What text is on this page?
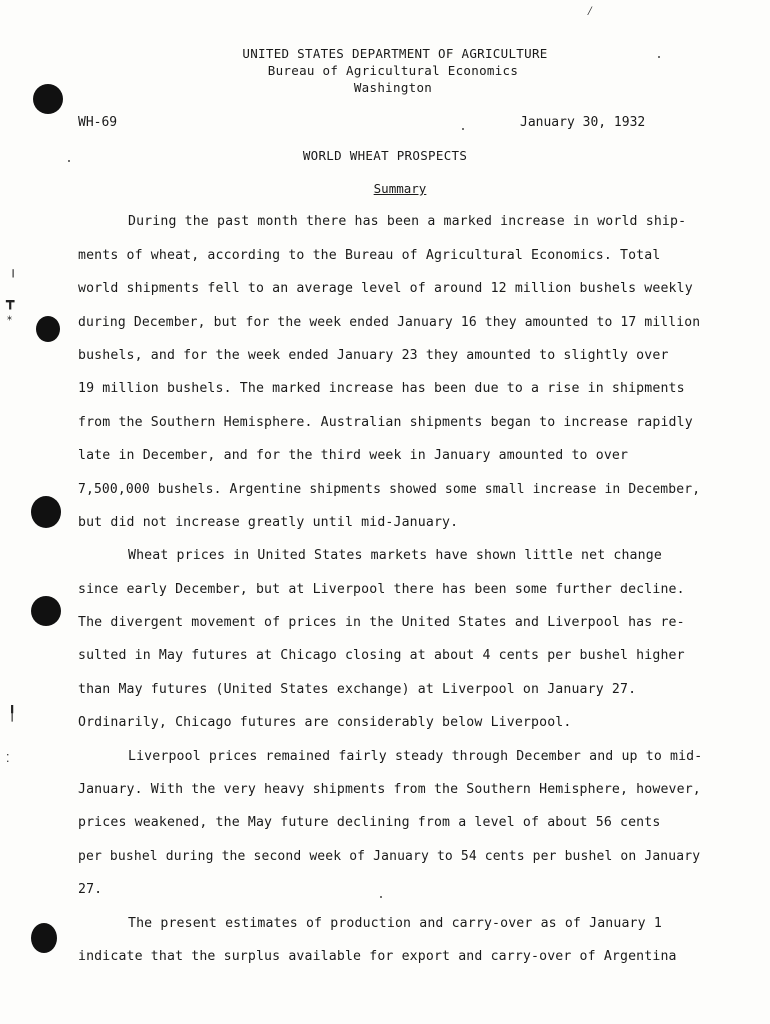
╷
┳
⁎
╿
⁚
⁄
UNITED STATES DEPARTMENT OF AGRICULTURE
Bureau of Agricultural Economics
Washington
WH-69	January 30, 1932
WORLD WHEAT PROSPECTS
Summary
During the past month there has been a marked increase in world ship-
ments of wheat, according to the Bureau of Agricultural Economics. Total
world shipments fell to an average level of around 12 million bushels weekly
during December, but for the week ended January 16 they amounted to 17 million
bushels, and for the week ended January 23 they amounted to slightly over
19 million bushels. The marked increase has been due to a rise in shipments
from the Southern Hemisphere. Australian shipments began to increase rapidly
late in December, and for the third week in January amounted to over
7,500,000 bushels. Argentine shipments showed some small increase in December,
but did not increase greatly until mid-January.
Wheat prices in United States markets have shown little net change
since early December, but at Liverpool there has been some further decline.
The divergent movement of prices in the United States and Liverpool has re-
sulted in May futures at Chicago closing at about 4 cents per bushel higher
than May futures (United States exchange) at Liverpool on January 27.
Ordinarily, Chicago futures are considerably below Liverpool.
Liverpool prices remained fairly steady through December and up to mid-
January. With the very heavy shipments from the Southern Hemisphere, however,
prices weakened, the May future declining from a level of about 56 cents
per bushel during the second week of January to 54 cents per bushel on January
27.
The present estimates of production and carry-over as of January 1
indicate that the surplus available for export and carry-over of Argentina
